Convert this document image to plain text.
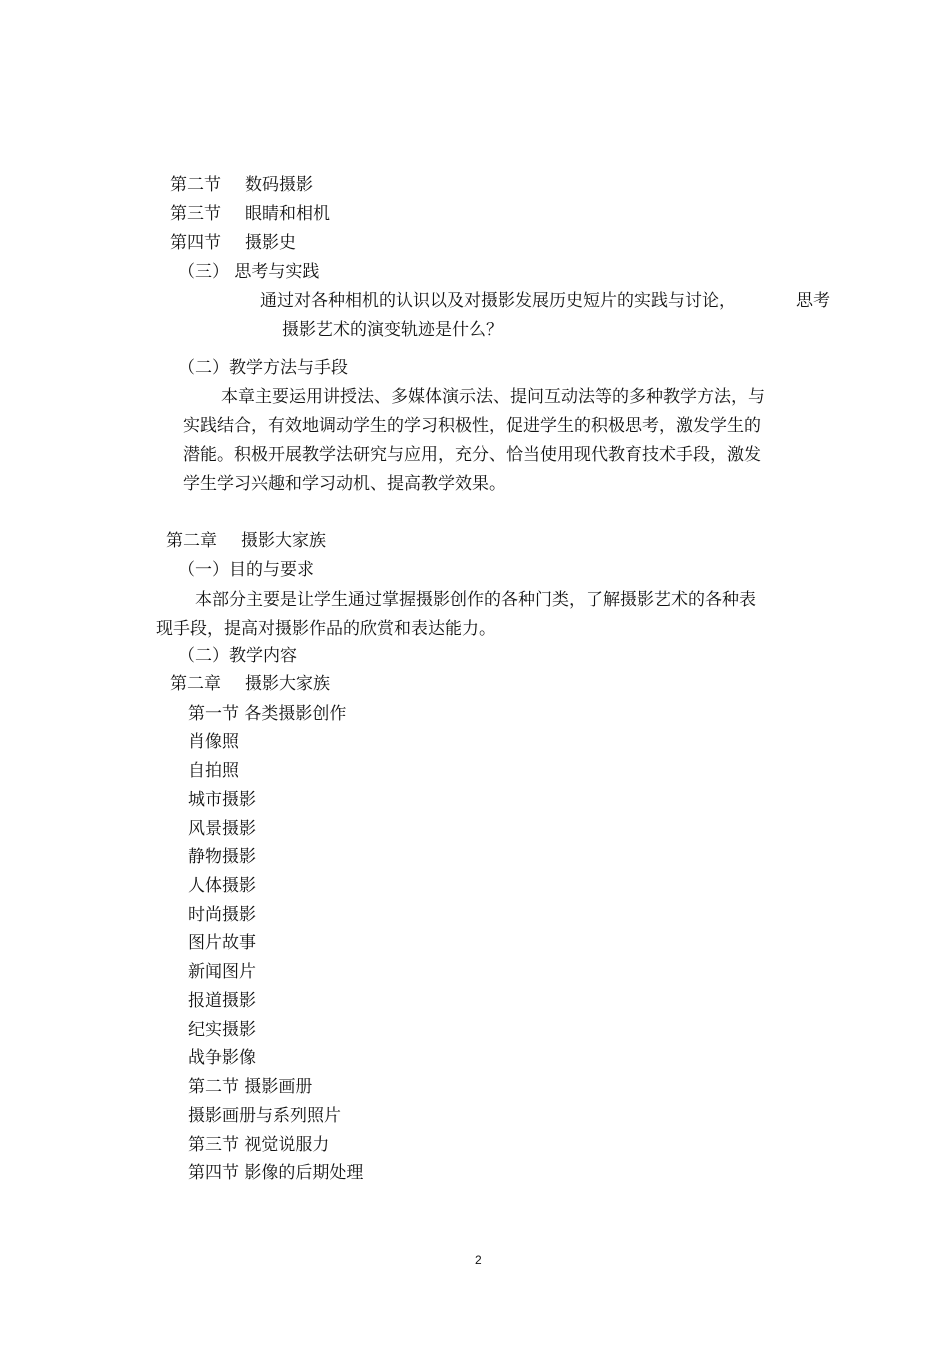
第二节 数码摄影
第三节 眼睛和相机
第四节 摄影史
（三） 思考与实践
通过对各种相机的认识以及对摄影发展历史短片的实践与讨论，	思考
摄影艺术的演变轨迹是什么？
（二）教学方法与手段
本章主要运用讲授法、多媒体演示法、提问互动法等的多种教学方法，与
实践结合，有效地调动学生的学习积极性，促进学生的积极思考，激发学生的
潜能。积极开展教学法研究与应用，充分、恰当使用现代教育技术手段，激发
学生学习兴趣和学习动机、提高教学效果。
第二章 摄影大家族
（一）目的与要求
本部分主要是让学生通过掌握摄影创作的各种门类，了解摄影艺术的各种表
现手段，提高对摄影作品的欣赏和表达能力。
（二）教学内容
第二章 摄影大家族
第一节 各类摄影创作
肖像照
自拍照
城市摄影
风景摄影
静物摄影
人体摄影
时尚摄影
图片故事
新闻图片
报道摄影
纪实摄影
战争影像
第二节 摄影画册
摄影画册与系列照片
第三节 视觉说服力
第四节 影像的后期处理
2
